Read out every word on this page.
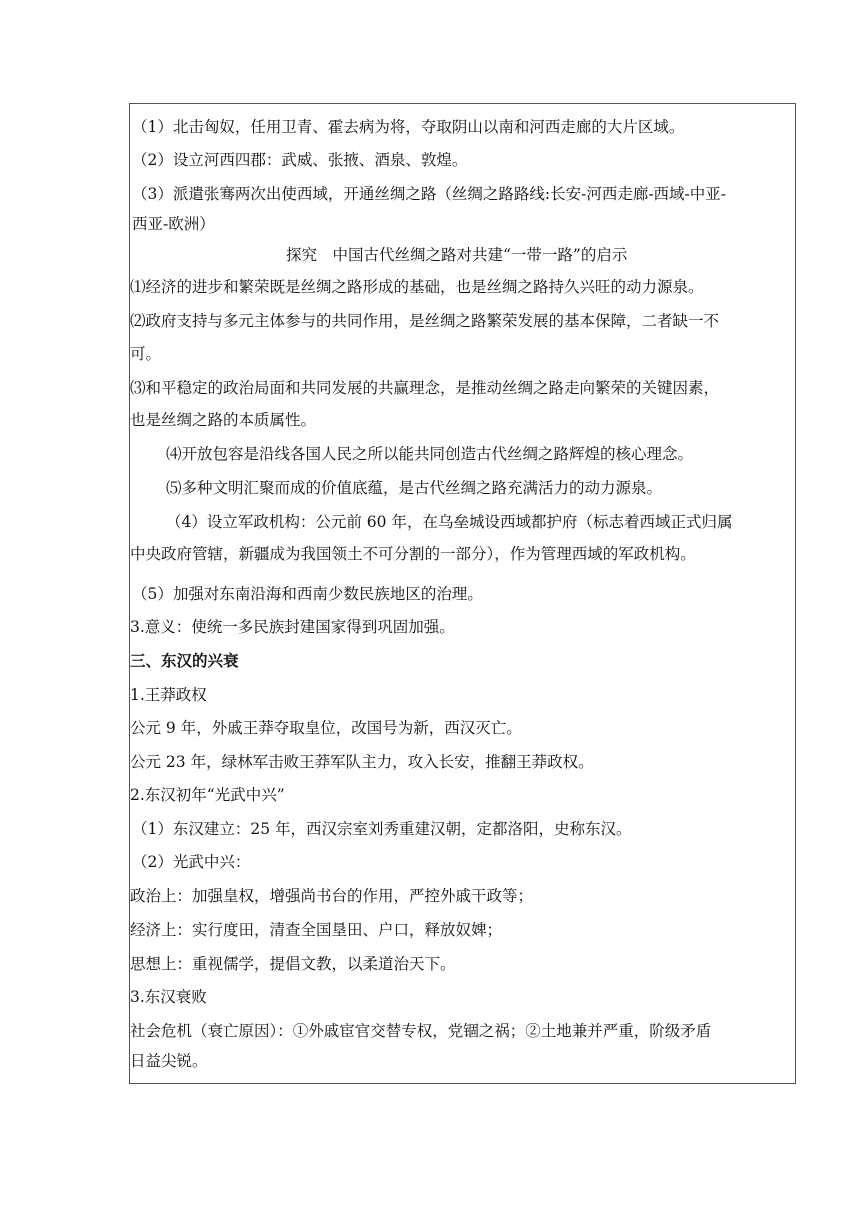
（1）北击匈奴，任用卫青、霍去病为将，夺取阴山以南和河西走廊的大片区域。
（2）设立河西四郡：武威、张掖、酒泉、敦煌。
（3）派遣张骞两次出使西域，开通丝绸之路（丝绸之路路线:长安-河西走廊-西域-中亚-
西亚-欧洲）
探究　中国古代丝绸之路对共建“一带一路”的启示
⑴经济的进步和繁荣既是丝绸之路形成的基础，也是丝绸之路持久兴旺的动力源泉。
⑵政府支持与多元主体参与的共同作用，是丝绸之路繁荣发展的基本保障，二者缺一不
可。
⑶和平稳定的政治局面和共同发展的共赢理念，是推动丝绸之路走向繁荣的关键因素，
也是丝绸之路的本质属性。
⑷开放包容是沿线各国人民之所以能共同创造古代丝绸之路辉煌的核心理念。
⑸多种文明汇聚而成的价值底蕴，是古代丝绸之路充满活力的动力源泉。
（4）设立军政机构：公元前 60 年，在乌垒城设西域都护府（标志着西域正式归属
中央政府管辖，新疆成为我国领土不可分割的一部分），作为管理西域的军政机构。
（5）加强对东南沿海和西南少数民族地区的治理。
3.意义：使统一多民族封建国家得到巩固加强。
三、东汉的兴衰
1.王莽政权
公元 9 年，外戚王莽夺取皇位，改国号为新，西汉灭亡。
公元 23 年，绿林军击败王莽军队主力，攻入长安，推翻王莽政权。
2.东汉初年“光武中兴”
（1）东汉建立：25 年，西汉宗室刘秀重建汉朝，定都洛阳，史称东汉。
（2）光武中兴：
政治上：加强皇权，增强尚书台的作用，严控外戚干政等；
经济上：实行度田，清查全国垦田、户口，释放奴婢；
思想上：重视儒学，提倡文教，以柔道治天下。
3.东汉衰败
社会危机（衰亡原因）：①外戚宦官交替专权，党锢之祸；②土地兼并严重，阶级矛盾
日益尖锐。
